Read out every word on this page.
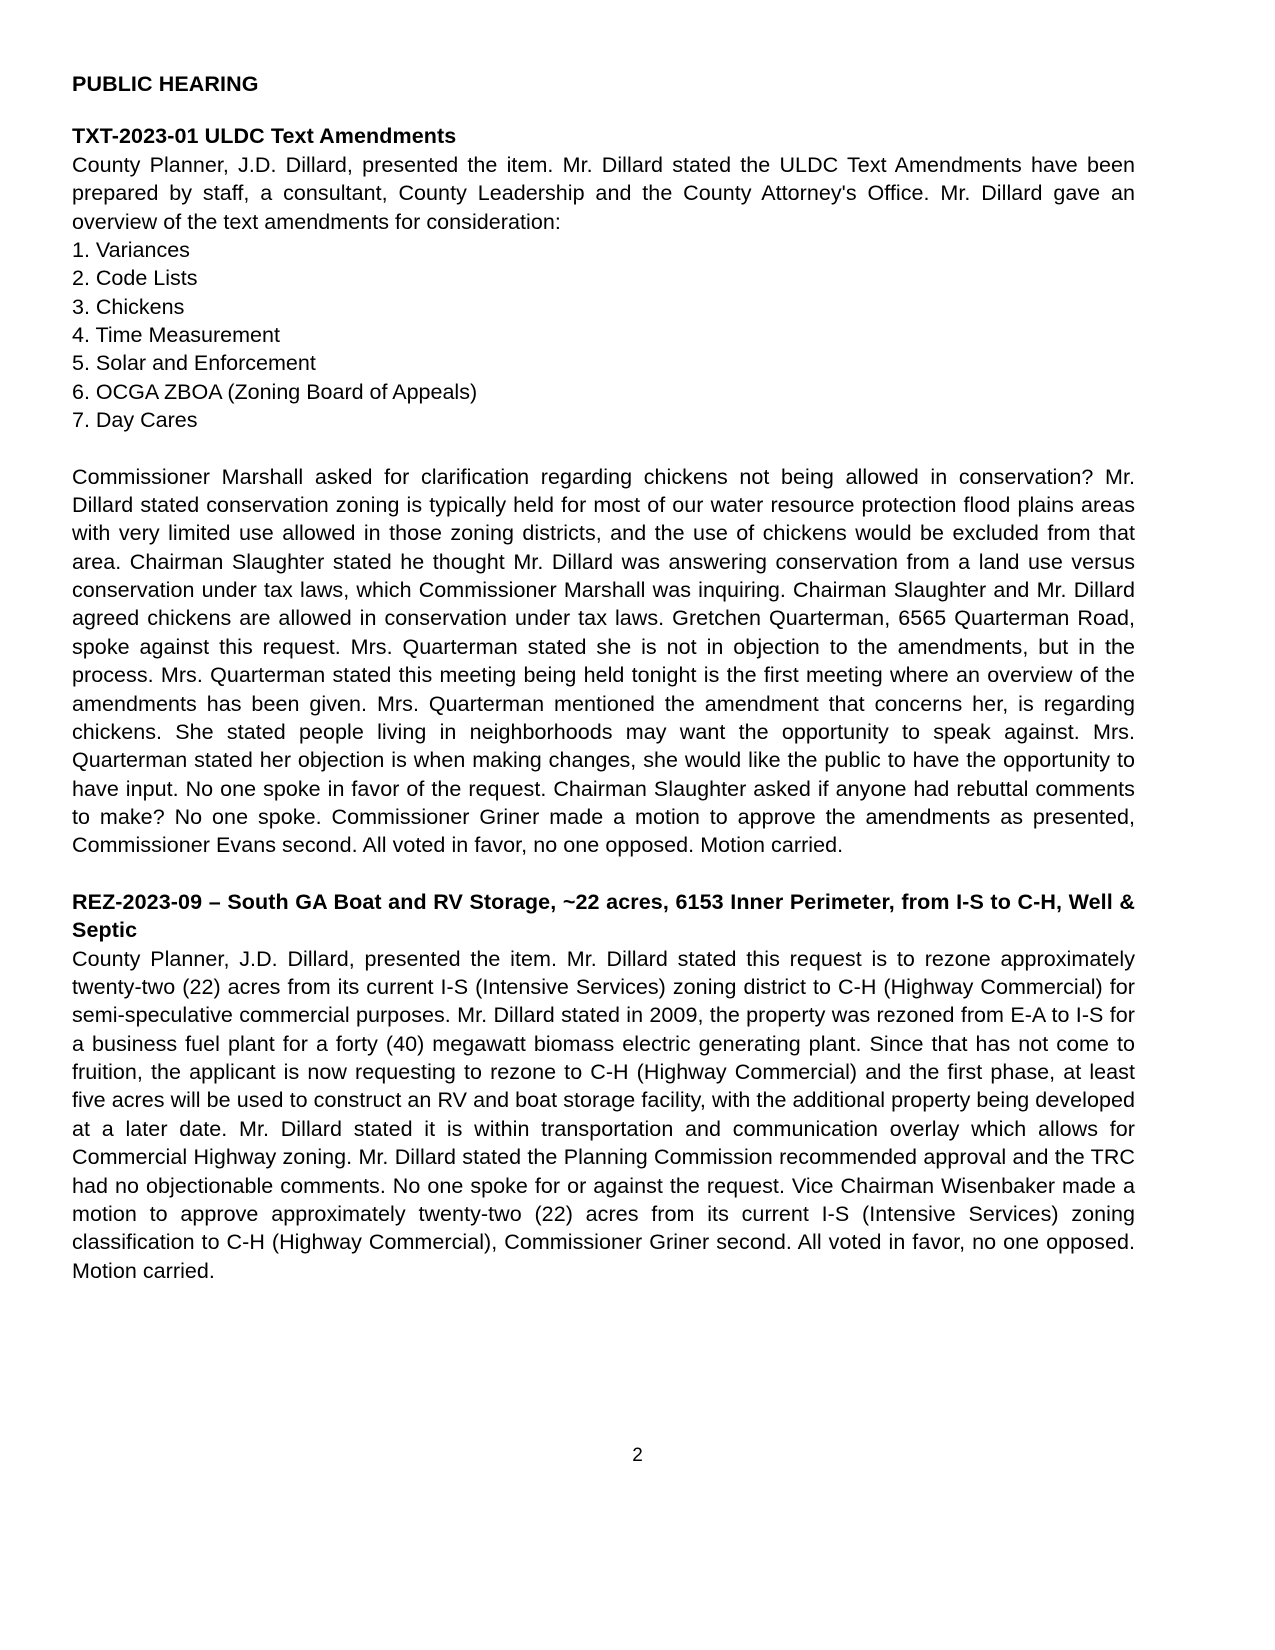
PUBLIC HEARING
TXT-2023-01 ULDC Text Amendments

County Planner, J.D. Dillard, presented the item. Mr. Dillard stated the ULDC Text Amendments have been prepared by staff, a consultant, County Leadership and the County Attorney's Office. Mr. Dillard gave an overview of the text amendments for consideration:

1. Variances
2. Code Lists
3. Chickens
4. Time Measurement
5. Solar and Enforcement
6. OCGA ZBOA (Zoning Board of Appeals)
7. Day Cares

Commissioner Marshall asked for clarification regarding chickens not being allowed in conservation? Mr. Dillard stated conservation zoning is typically held for most of our water resource protection flood plains areas with very limited use allowed in those zoning districts, and the use of chickens would be excluded from that area. Chairman Slaughter stated he thought Mr. Dillard was answering conservation from a land use versus conservation under tax laws, which Commissioner Marshall was inquiring. Chairman Slaughter and Mr. Dillard agreed chickens are allowed in conservation under tax laws. Gretchen Quarterman, 6565 Quarterman Road, spoke against this request. Mrs. Quarterman stated she is not in objection to the amendments, but in the process. Mrs. Quarterman stated this meeting being held tonight is the first meeting where an overview of the amendments has been given. Mrs. Quarterman mentioned the amendment that concerns her, is regarding chickens. She stated people living in neighborhoods may want the opportunity to speak against. Mrs. Quarterman stated her objection is when making changes, she would like the public to have the opportunity to have input. No one spoke in favor of the request. Chairman Slaughter asked if anyone had rebuttal comments to make? No one spoke. Commissioner Griner made a motion to approve the amendments as presented, Commissioner Evans second. All voted in favor, no one opposed. Motion carried.

REZ-2023-09 – South GA Boat and RV Storage, ~22 acres, 6153 Inner Perimeter, from I-S to C-H, Well & Septic

County Planner, J.D. Dillard, presented the item. Mr. Dillard stated this request is to rezone approximately twenty-two (22) acres from its current I-S (Intensive Services) zoning district to C-H (Highway Commercial) for semi-speculative commercial purposes. Mr. Dillard stated in 2009, the property was rezoned from E-A to I-S for a business fuel plant for a forty (40) megawatt biomass electric generating plant. Since that has not come to fruition, the applicant is now requesting to rezone to C-H (Highway Commercial) and the first phase, at least five acres will be used to construct an RV and boat storage facility, with the additional property being developed at a later date. Mr. Dillard stated it is within transportation and communication overlay which allows for Commercial Highway zoning. Mr. Dillard stated the Planning Commission recommended approval and the TRC had no objectionable comments. No one spoke for or against the request. Vice Chairman Wisenbaker made a motion to approve approximately twenty-two (22) acres from its current I-S (Intensive Services) zoning classification to C-H (Highway Commercial), Commissioner Griner second. All voted in favor, no one opposed. Motion carried.

2
